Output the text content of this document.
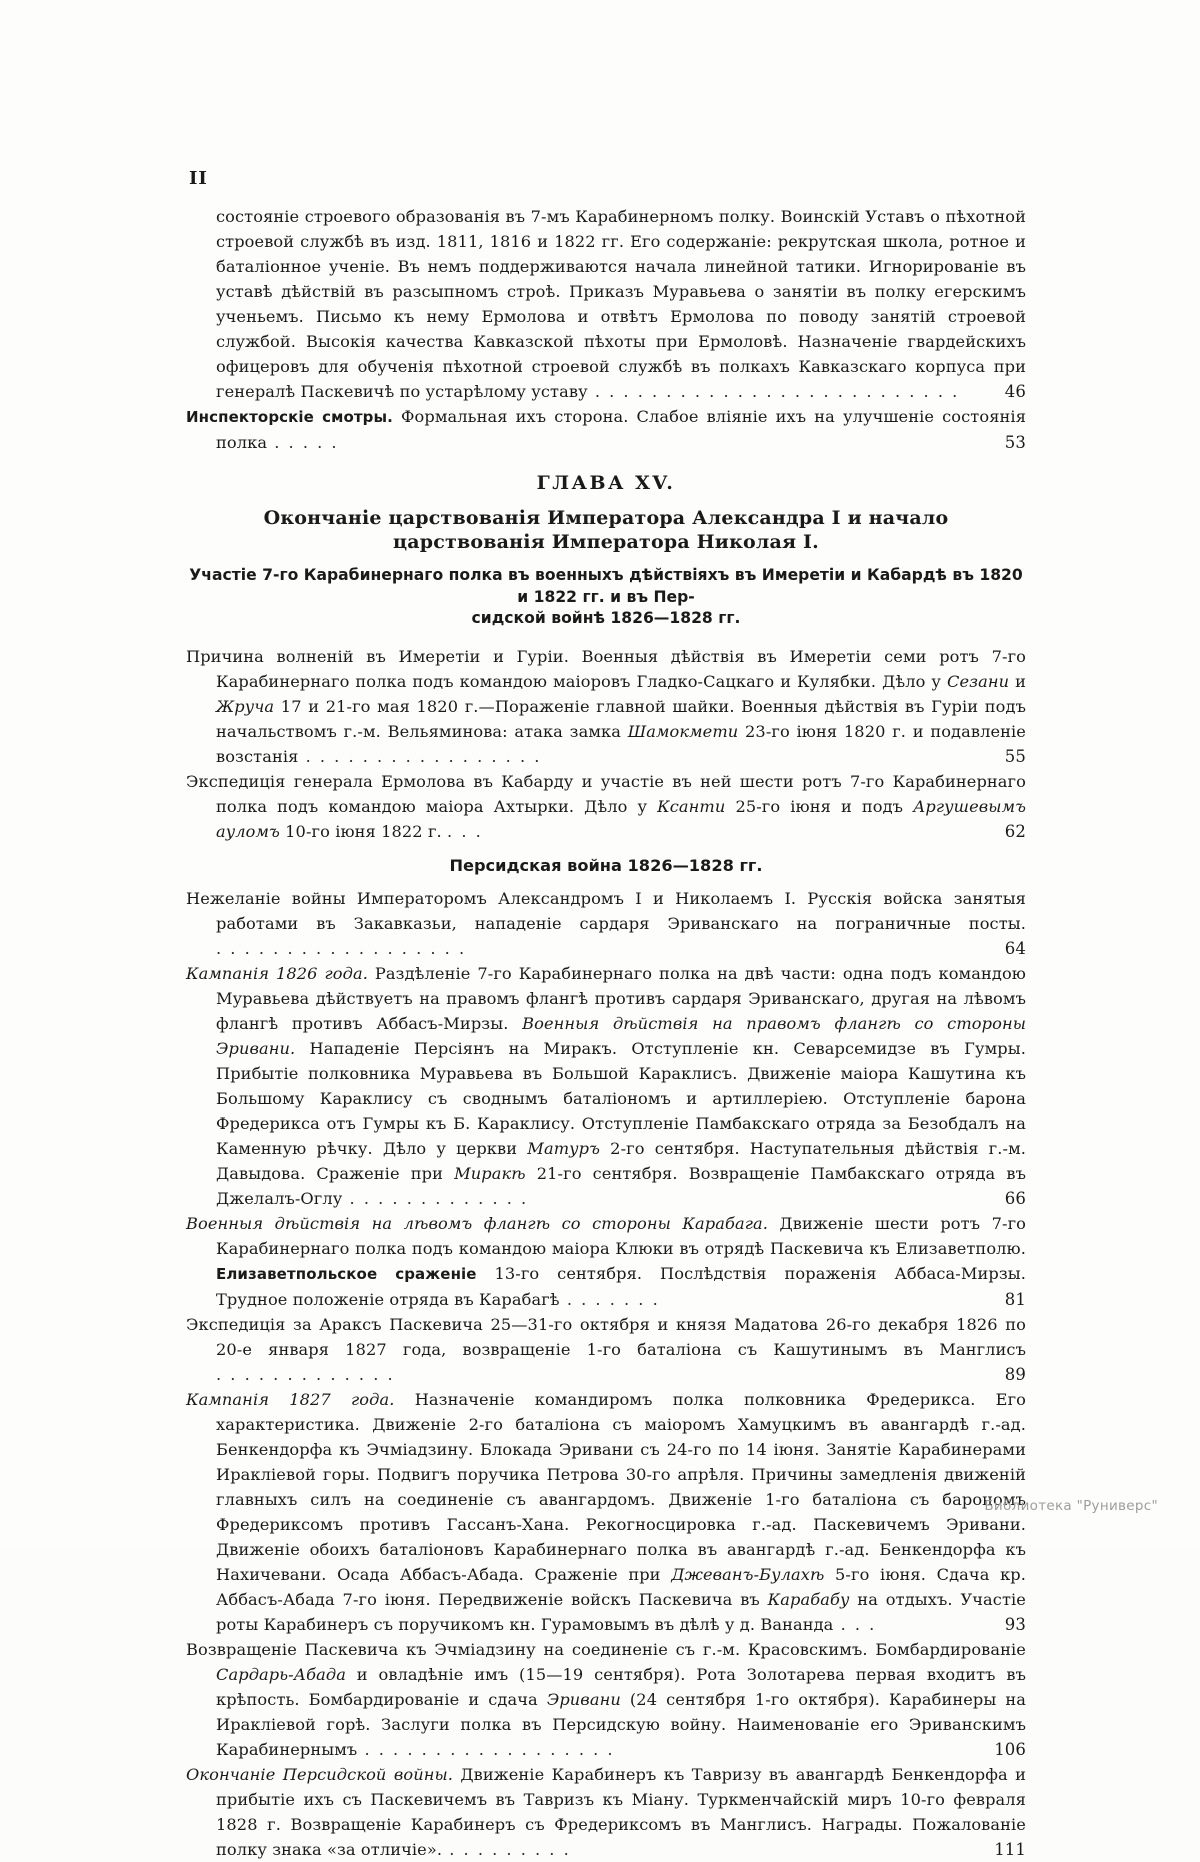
II
состояніе строевого образованія въ 7-мъ Карабинерномъ полку. Воинскій Уставъ о пѣхотной строевой службѣ въ изд. 1811, 1816 и 1822 гг. Его содержаніе: рекрутская школа, ротное и баталіонное ученіе. Въ немъ поддерживаются начала линейной татики. Игнорированіе въ уставѣ дѣйствій въ разсыпномъ строѣ. Приказъ Муравьева о занятіи въ полку егерскимъ ученьемъ. Письмо къ нему Ермолова и отвѣтъ Ермолова по поводу занятій строевой службой. Высокія качества Кавказской пѣхоты при Ермоловѣ. Назначеніе гвардейскихъ офицеровъ для обученія пѣхотной строевой службѣ въ полкахъ Кавказскаго корпуса при генералѣ Паскевичѣ по устарѣлому уставу . . . . . . . . . . . . . . . . . . . . . . . . . .	46
Инспекторскіе смотры. Формальная ихъ сторона. Слабое вліяніе ихъ на улучшеніе состоянія полка . . . . .	53
ГЛАВА XV.
Окончаніе царствованія Императора Александра I и начало царствованія Императора Николая I.
Участіе 7-го Карабинернаго полка въ военныхъ дѣйствіяхъ въ Имеретіи и Кабардѣ въ 1820 и 1822 гг. и въ Пер-
сидской войнѣ 1826—1828 гг.
Причина волненій въ Имеретіи и Гуріи. Военныя дѣйствія въ Имеретіи семи ротъ 7-го Карабинернаго полка подъ командою маіоровъ Гладко-Сацкаго и Кулябки. Дѣло у Сезани и Жруча 17 и 21-го мая 1820 г.—Пораженіе главной шайки. Военныя дѣйствія въ Гуріи подъ начальствомъ г.-м. Вельяминова: атака замка Шамокмети 23-го іюня 1820 г. и подавленіе возстанія . . . . . . . . . . . . . . . . .	55
Экспедиція генерала Ермолова въ Кабарду и участіе въ ней шести ротъ 7-го Карабинернаго полка подъ командою маіора Ахтырки. Дѣло у Ксанти 25-го іюня и подъ Аргушевымъ ауломъ 10-го іюня 1822 г. . . .	62
Персидская война 1826—1828 гг.
Нежеланіе войны Императоромъ Александромъ I и Николаемъ I. Русскія войска занятыя работами въ Закавказьи, нападеніе сардаря Эриванскаго на пограничные посты. . . . . . . . . . . . . . . . . . .	64
Кампанія 1826 года. Раздѣленіе 7-го Карабинернаго полка на двѣ части: одна подъ командою Муравьева дѣйствуетъ на правомъ флангѣ противъ сардаря Эриванскаго, другая на лѣвомъ флангѣ противъ Аббасъ-Мирзы. Военныя дѣйствія на правомъ флангѣ со стороны Эривани. Нападеніе Персіянъ на Миракъ. Отступленіе кн. Севарсемидзе въ Гумры. Прибытіе полковника Муравьева въ Большой Караклисъ. Движеніе маіора Кашутина къ Большому Караклису съ своднымъ баталіономъ и артиллеріею. Отступленіе барона Фредерикса отъ Гумры къ Б. Караклису. Отступленіе Памбакскаго отряда за Безобдалъ на Каменную рѣчку. Дѣло у церкви Матуръ 2-го сентября. Наступательныя дѣйствія г.-м. Давыдова. Сраженіе при Миракѣ 21-го сентября. Возвращеніе Памбакскаго отряда въ Джелалъ-Оглу . . . . . . . . . . . . .	66
Военныя дѣйствія на лѣвомъ флангѣ со стороны Карабага. Движеніе шести ротъ 7-го Карабинернаго полка подъ командою маіора Клюки въ отрядѣ Паскевича къ Елизаветполю. Елизаветпольское сраженіе 13-го сентября. Послѣдствія пораженія Аббаса-Мирзы. Трудное положеніе отряда въ Карабагѣ . . . . . . .	81
Экспедиція за Араксъ Паскевича 25—31-го октября и князя Мадатова 26-го декабря 1826 по 20-е января 1827 года, возвращеніе 1-го баталіона съ Кашутинымъ въ Манглисъ . . . . . . . . . . . . .	89
Кампанія 1827 года. Назначеніе командиромъ полка полковника Фредерикса. Его характеристика. Движеніе 2-го баталіона съ маіоромъ Хамуцкимъ въ авангардѣ г.-ад. Бенкендорфа къ Эчміадзину. Блокада Эривани съ 24-го по 14 іюня. Занятіе Карабинерами Иракліевой горы. Подвигъ поручика Петрова 30-го апрѣля. Причины замедленія движеній главныхъ силъ на соединеніе съ авангардомъ. Движеніе 1-го баталіона съ барономъ Фредериксомъ противъ Гассанъ-Хана. Рекогносцировка г.-ад. Паскевичемъ Эривани. Движеніе обоихъ баталіоновъ Карабинернаго полка въ авангардѣ г.-ад. Бенкендорфа къ Нахичевани. Осада Аббасъ-Абада. Сраженіе при Джеванъ-Булахѣ 5-го іюня. Сдача кр. Аббасъ-Абада 7-го іюня. Передвиженіе войскъ Паскевича въ Карабабу на отдыхъ. Участіе роты Карабинеръ съ поручикомъ кн. Гурамовымъ въ дѣлѣ у д. Вананда . . .	93
Возвращеніе Паскевича къ Эчміадзину на соединеніе съ г.-м. Красовскимъ. Бомбардированіе Сардарь-Абада и овладѣніе имъ (15—19 сентября). Рота Золотарева первая входитъ въ крѣпость. Бомбардированіе и сдача Эривани (24 сентября 1-го октября). Карабинеры на Иракліевой горѣ. Заслуги полка въ Персидскую войну. Наименованіе его Эриванскимъ Карабинернымъ . . . . . . . . . . . . . . . . . .	106
Окончаніе Персидской войны. Движеніе Карабинеръ къ Тавризу въ авангардѣ Бенкендорфа и прибытіе ихъ съ Паскевичемъ въ Тавризъ къ Міану. Туркменчайскій миръ 10-го февраля 1828 г. Возвращеніе Карабинеръ съ Фредериксомъ въ Манглисъ. Награды. Пожалованіе полку знака «за отличіе». . . . . . . . . .	111
Библиотека "Руниверс"
